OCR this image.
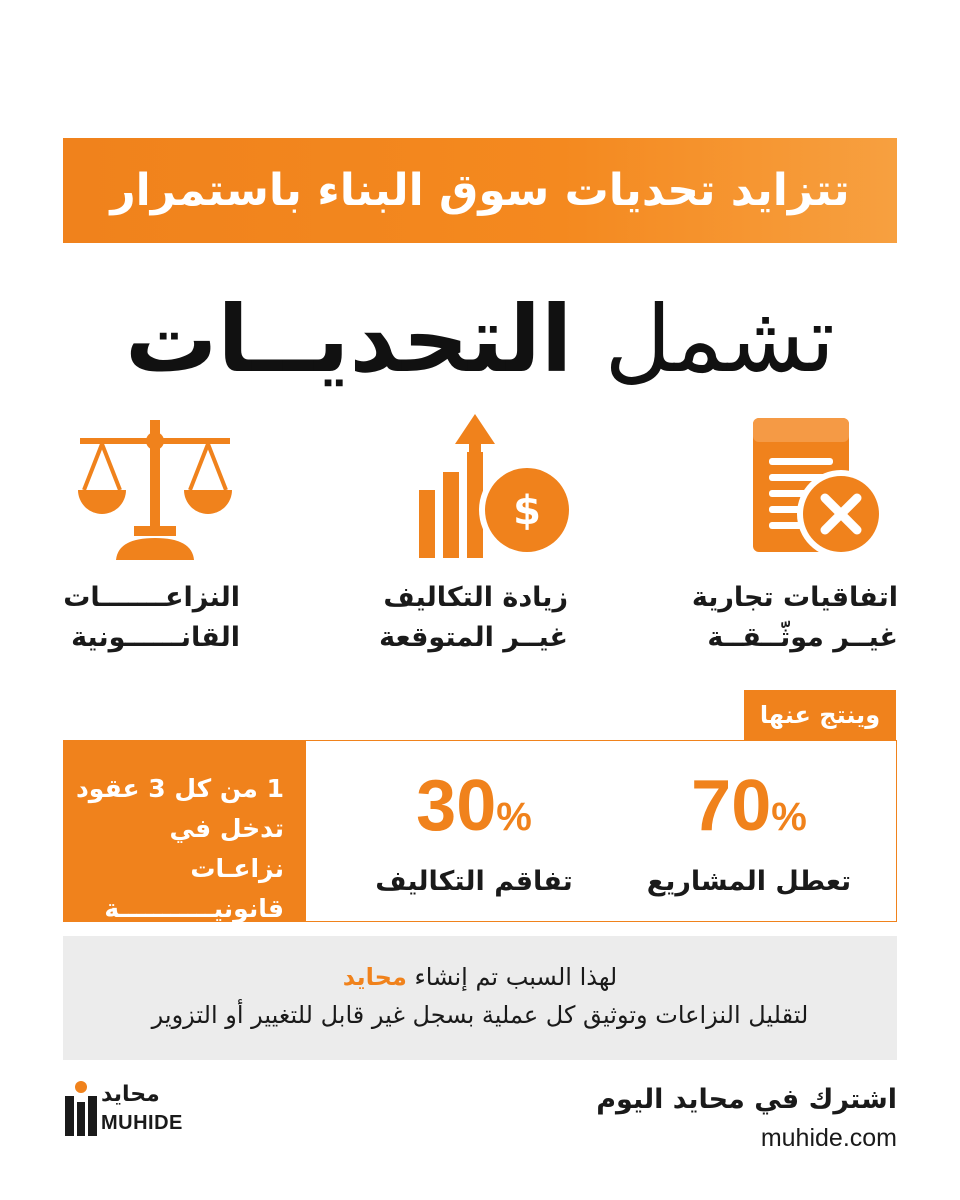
تتزايد تحديات سوق البناء باستمرار
تشمل التحديــات
$
اتفاقيات تجارية
غيــر موثّــقــة
زيادة التكاليف
غيــر المتوقعة
النزاعـــــــات
القانــــــونية
وينتج عنها
1 من كل 3 عقود
تدخل في نزاعـات
قانونيـــــــــــة
30%
تفاقم التكاليف
70%
تعطل المشاريع
لهذا السبب تم إنشاء محايد
لتقليل النزاعات وتوثيق كل عملية بسجل غير قابل للتغيير أو التزوير
اشترك في محايد اليوم
muhide.com
محايد
MUHIDE
